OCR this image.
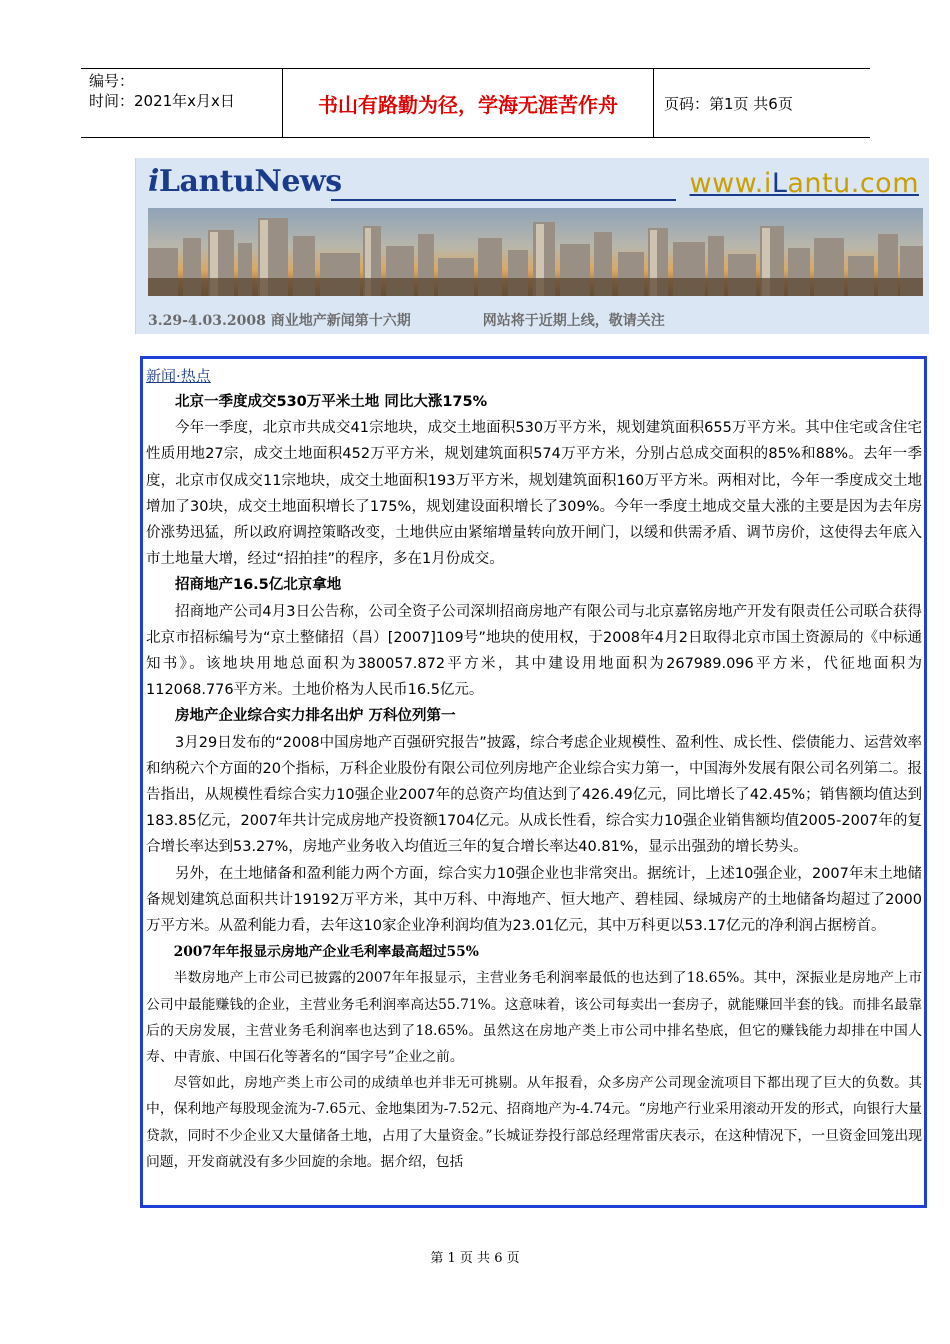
编号：
时间：2021年x月x日	书山有路勤为径，学海无涯苦作舟	页码：第1页 共6页
iLantuNews	www.iLantu.com
3.29-4.03.2008 商业地产新闻第十六期	网站将于近期上线，敬请关注
新闻·热点

北京一季度成交530万平米土地 同比大涨175%

今年一季度，北京市共成交41宗地块，成交土地面积530万平方米，规划建筑面积655万平方米。其中住宅或含住宅性质用地27宗，成交土地面积452万平方米，规划建筑面积574万平方米，分别占总成交面积的85%和88%。去年一季度，北京市仅成交11宗地块，成交土地面积193万平方米，规划建筑面积160万平方米。两相对比，今年一季度成交土地增加了30块，成交土地面积增长了175%，规划建设面积增长了309%。今年一季度土地成交量大涨的主要是因为去年房价涨势迅猛，所以政府调控策略改变，土地供应由紧缩增量转向放开闸门，以缓和供需矛盾、调节房价，这使得去年底入市土地量大增，经过“招拍挂”的程序，多在1月份成交。

招商地产16.5亿北京拿地

招商地产公司4月3日公告称，公司全资子公司深圳招商房地产有限公司与北京嘉铭房地产开发有限责任公司联合获得北京市招标编号为“京土整储招（昌）[2007]109号”地块的使用权，于2008年4月2日取得北京市国土资源局的《中标通知书》。该地块用地总面积为380057.872平方米，其中建设用地面积为267989.096平方米，代征地面积为112068.776平方米。土地价格为人民币16.5亿元。

房地产企业综合实力排名出炉 万科位列第一

3月29日发布的“2008中国房地产百强研究报告”披露，综合考虑企业规模性、盈利性、成长性、偿债能力、运营效率和纳税六个方面的20个指标，万科企业股份有限公司位列房地产企业综合实力第一，中国海外发展有限公司名列第二。报告指出，从规模性看综合实力10强企业2007年的总资产均值达到了426.49亿元，同比增长了42.45%；销售额均值达到183.85亿元，2007年共计完成房地产投资额1704亿元。从成长性看，综合实力10强企业销售额均值2005-2007年的复合增长率达到53.27%，房地产业务收入均值近三年的复合增长率达40.81%，显示出强劲的增长势头。

另外，在土地储备和盈利能力两个方面，综合实力10强企业也非常突出。据统计，上述10强企业，2007年末土地储备规划建筑总面积共计19192万平方米，其中万科、中海地产、恒大地产、碧桂园、绿城房产的土地储备均超过了2000万平方米。从盈利能力看，去年这10家企业净利润均值为23.01亿元，其中万科更以53.17亿元的净利润占据榜首。

2007年年报显示房地产企业毛利率最高超过55%

半数房地产上市公司已披露的2007年年报显示，主营业务毛利润率最低的也达到了18.65%。其中，深振业是房地产上市公司中最能赚钱的企业，主营业务毛利润率高达55.71%。这意味着，该公司每卖出一套房子，就能赚回半套的钱。而排名最靠后的天房发展，主营业务毛利润率也达到了18.65%。虽然这在房地产类上市公司中排名垫底，但它的赚钱能力却排在中国人寿、中青旅、中国石化等著名的“国字号”企业之前。

尽管如此，房地产类上市公司的成绩单也并非无可挑剔。从年报看，众多房产公司现金流项目下都出现了巨大的负数。其中，保利地产每股现金流为-7.65元、金地集团为-7.52元、招商地产为-4.74元。“房地产行业采用滚动开发的形式，向银行大量贷款，同时不少企业又大量储备土地，占用了大量资金。”长城证券投行部总经理常雷庆表示，在这种情况下，一旦资金回笼出现问题，开发商就没有多少回旋的余地。据介绍，包括

第 1 页 共 6 页
